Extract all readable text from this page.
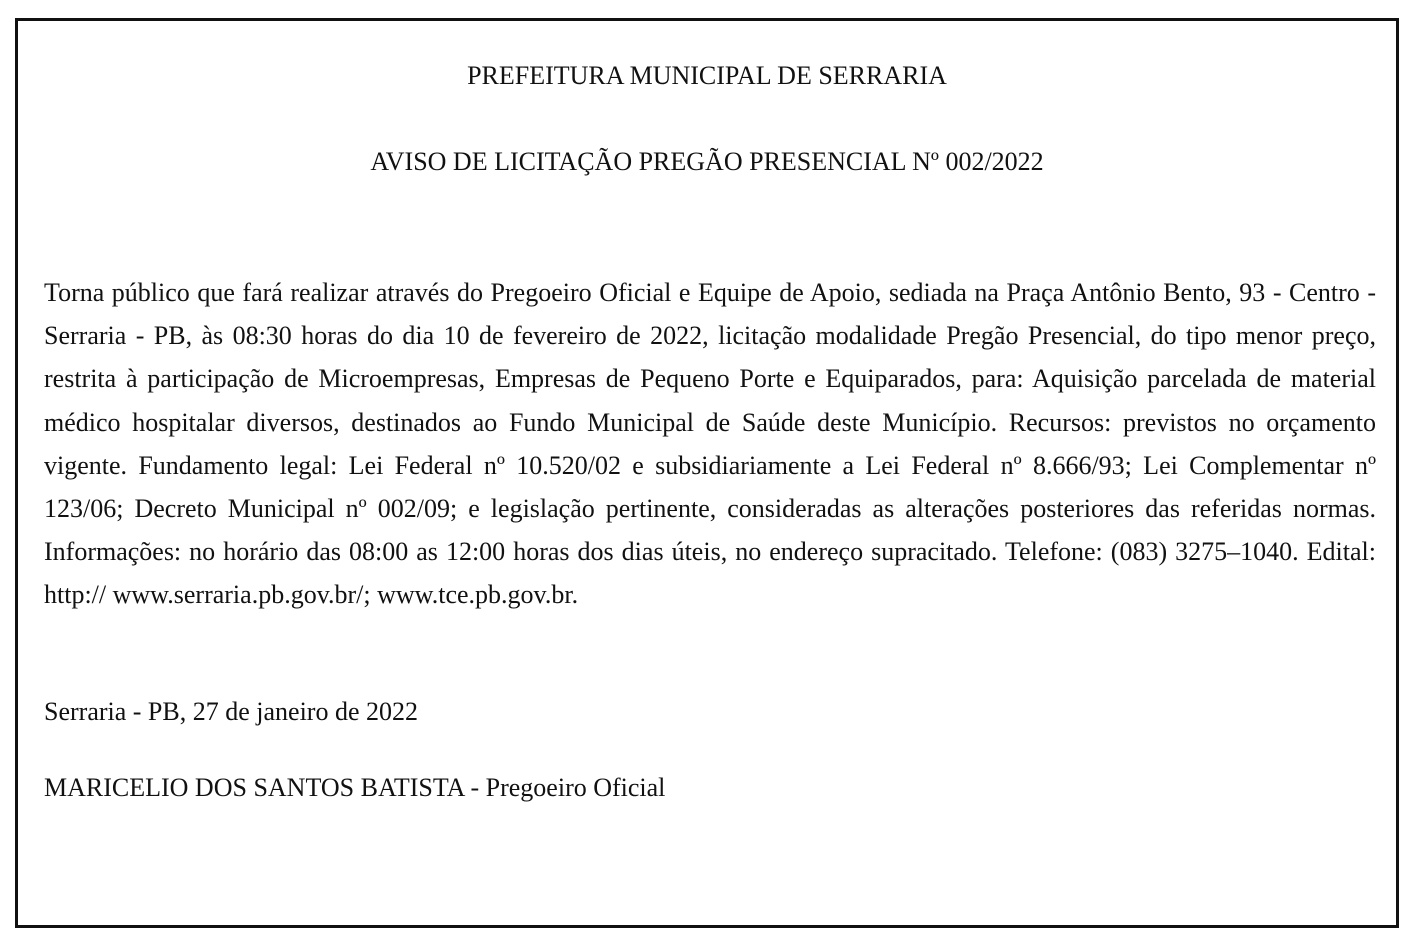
PREFEITURA MUNICIPAL DE SERRARIA
AVISO DE LICITAÇÃO PREGÃO PRESENCIAL Nº 002/2022

Torna público que fará realizar através do Pregoeiro Oficial e Equipe de Apoio, sediada na Praça Antônio Bento, 93 - Centro - Serraria - PB, às 08:30 horas do dia 10 de fevereiro de 2022, licitação modalidade Pregão Presencial, do tipo menor preço, restrita à participação de Microempresas, Empresas de Pequeno Porte e Equiparados, para: Aquisição parcelada de material médico hospitalar diversos, destinados ao Fundo Municipal de Saúde deste Município. Recursos: previstos no orçamento vigente. Fundamento legal: Lei Federal nº 10.520/02 e subsidiariamente a Lei Federal nº 8.666/93; Lei Complementar nº 123/06; Decreto Municipal nº 002/09; e legislação pertinente, consideradas as alterações posteriores das referidas normas. Informações: no horário das 08:00 as 12:00 horas dos dias úteis, no endereço supracitado. Telefone: (083) 3275–1040. Edital: http:// www.serraria.pb.gov.br/; www.tce.pb.gov.br.

Serraria - PB, 27 de janeiro de 2022

MARICELIO DOS SANTOS BATISTA - Pregoeiro Oficial
